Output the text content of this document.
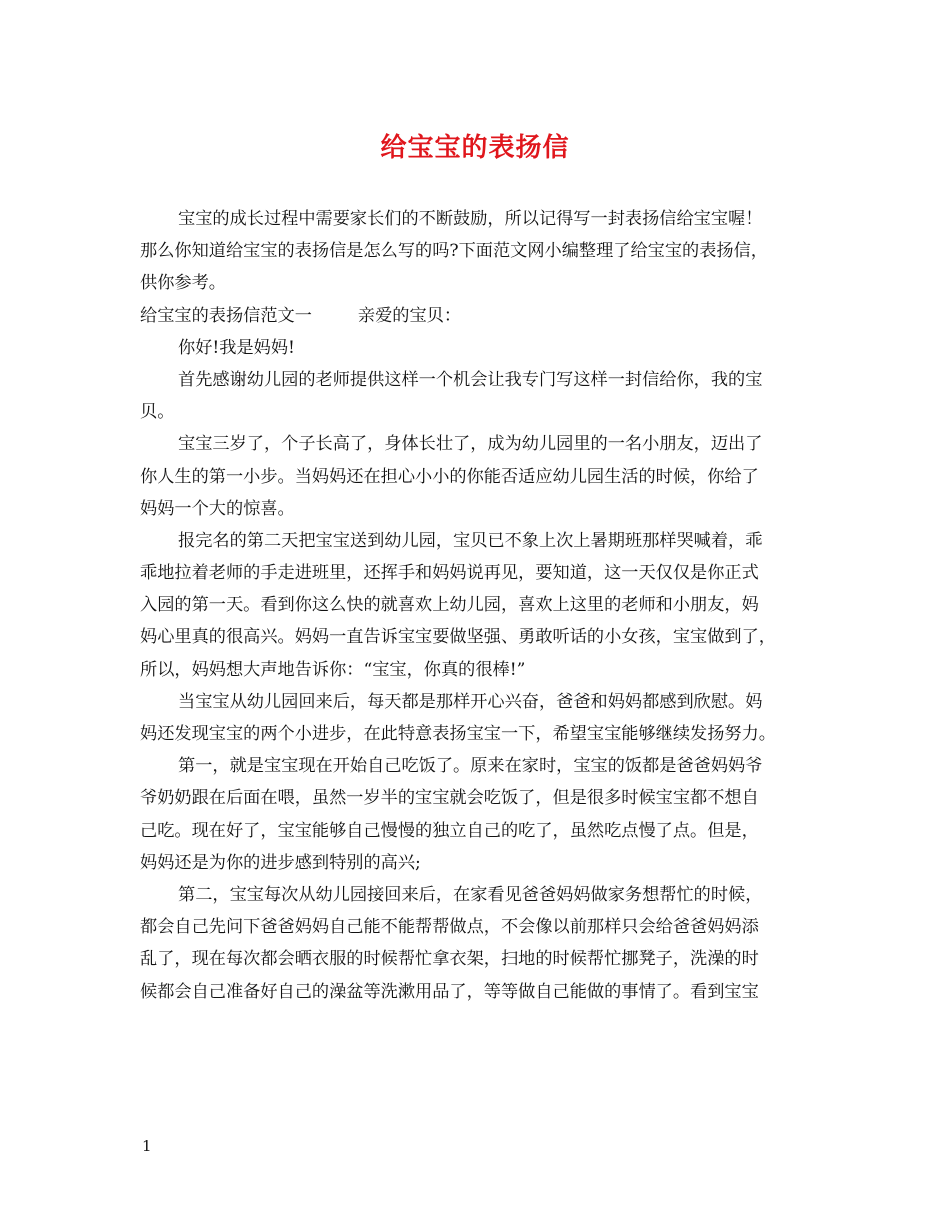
给宝宝的表扬信
宝宝的成长过程中需要家长们的不断鼓励，所以记得写一封表扬信给宝宝喔！
那么你知道给宝宝的表扬信是怎么写的吗?下面范文网小编整理了给宝宝的表扬信，
供你参考。
给宝宝的表扬信范文一	亲爱的宝贝：
你好!我是妈妈!
首先感谢幼儿园的老师提供这样一个机会让我专门写这样一封信给你，我的宝
贝。
宝宝三岁了，个子长高了，身体长壮了，成为幼儿园里的一名小朋友，迈出了
你人生的第一小步。当妈妈还在担心小小的你能否适应幼儿园生活的时候，你给了
妈妈一个大的惊喜。
报完名的第二天把宝宝送到幼儿园，宝贝已不象上次上暑期班那样哭喊着，乖
乖地拉着老师的手走进班里，还挥手和妈妈说再见，要知道，这一天仅仅是你正式
入园的第一天。看到你这么快的就喜欢上幼儿园，喜欢上这里的老师和小朋友，妈
妈心里真的很高兴。妈妈一直告诉宝宝要做坚强、勇敢听话的小女孩，宝宝做到了，
所以，妈妈想大声地告诉你：“宝宝，你真的很棒!”
当宝宝从幼儿园回来后，每天都是那样开心兴奋，爸爸和妈妈都感到欣慰。妈
妈还发现宝宝的两个小进步，在此特意表扬宝宝一下，希望宝宝能够继续发扬努力。
第一，就是宝宝现在开始自己吃饭了。原来在家时，宝宝的饭都是爸爸妈妈爷
爷奶奶跟在后面在喂，虽然一岁半的宝宝就会吃饭了，但是很多时候宝宝都不想自
己吃。现在好了，宝宝能够自己慢慢的独立自己的吃了，虽然吃点慢了点。但是，
妈妈还是为你的进步感到特别的高兴;
第二，宝宝每次从幼儿园接回来后，在家看见爸爸妈妈做家务想帮忙的时候，
都会自己先问下爸爸妈妈自己能不能帮帮做点，不会像以前那样只会给爸爸妈妈添
乱了，现在每次都会晒衣服的时候帮忙拿衣架，扫地的时候帮忙挪凳子，洗澡的时
候都会自己准备好自己的澡盆等洗漱用品了，等等做自己能做的事情了。看到宝宝
1
